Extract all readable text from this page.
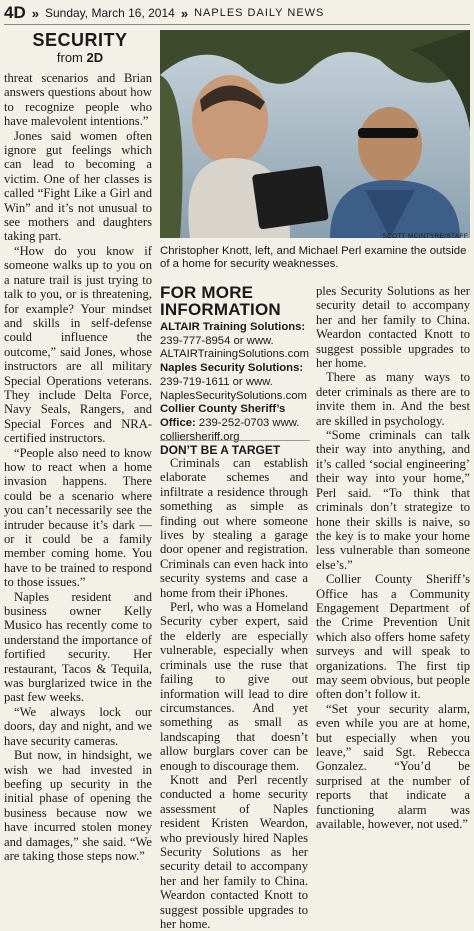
4D » Sunday, March 16, 2014 » NAPLES DAILY NEWS
SECURITY
from 2D

threat scenarios and Brian answers questions about how to recognize people who have malevolent intentions.”

Jones said women often ignore gut feelings which can lead to becoming a victim. One of her classes is called “Fight Like a Girl and Win” and it’s not unusual to see mothers and daughters taking part.

“How do you know if someone walks up to you on a nature trail is just trying to talk to you, or is threatening, for example? Your mindset and skills in self-defense could influence the outcome,” said Jones, whose instructors are all military Special Operations veterans. They include Delta Force, Navy Seals, Rangers, and Special Forces and NRA-certified instructors.

“People also need to know how to react when a home invasion happens. There could be a scenario where you can’t necessarily see the intruder because it’s dark — or it could be a family member coming home. You have to be trained to respond to those issues.”

Naples resident and business owner Kelly Musico has recently come to understand the importance of fortified security. Her restaurant, Tacos & Tequila, was burglarized twice in the past few weeks.

“We always lock our doors, day and night, and we have security cameras.

But now, in hindsight, we wish we had invested in beefing up security in the initial phase of opening the business because now we have incurred stolen money and damages,” she said. “We are taking those steps now.”

SCOTT MCINTYRE/STAFF
Christopher Knott, left, and Michael Perl examine the outside of a home for security weaknesses.
FOR MORE
INFORMATION
ALTAIR Training Solutions: 239-777-8954 or www. ALTAIRTrainingSolutions.com
Naples Security Solutions: 239-719-1611 or www. NaplesSecuritySolutions.com
Collier County Sheriff’s Office: 239-252-0703 www. colliersheriff.org
DON’T BE A TARGET

Criminals can establish elaborate schemes and infiltrate a residence through something as simple as finding out where someone lives by stealing a garage door opener and registration. Criminals can even hack into security systems and case a home from their iPhones.

Perl, who was a Homeland Security cyber expert, said the elderly are especially vulnerable, especially when criminals use the ruse that failing to give out information will lead to dire circumstances. And yet something as small as landscaping that doesn’t allow burglars cover can be enough to discourage them.

Knott and Perl recently conducted a home security assessment of Naples resident Kristen Weardon, who previously hired Naples Security Solutions as her security detail to accompany her and her family to China. Weardon contacted Knott to suggest possible upgrades to her home.

ples Security Solutions as her security detail to accompany her and her family to China. Weardon contacted Knott to suggest possible upgrades to her home.

There as many ways to deter criminals as there are to invite them in. And the best are skilled in psychology.

“Some criminals can talk their way into anything, and it’s called ‘social engineering’ their way into your home,” Perl said. “To think that criminals don’t strategize to hone their skills is naive, so the key is to make your home less vulnerable than someone else’s.”

Collier County Sheriff’s Office has a Community Engagement Department of the Crime Prevention Unit which also offers home safety surveys and will speak to organizations. The first tip may seem obvious, but people often don’t follow it.

“Set your security alarm, even while you are at home, but especially when you leave,” said Sgt. Rebecca Gonzalez. “You’d be surprised at the number of reports that indicate a functioning alarm was available, however, not used.”
